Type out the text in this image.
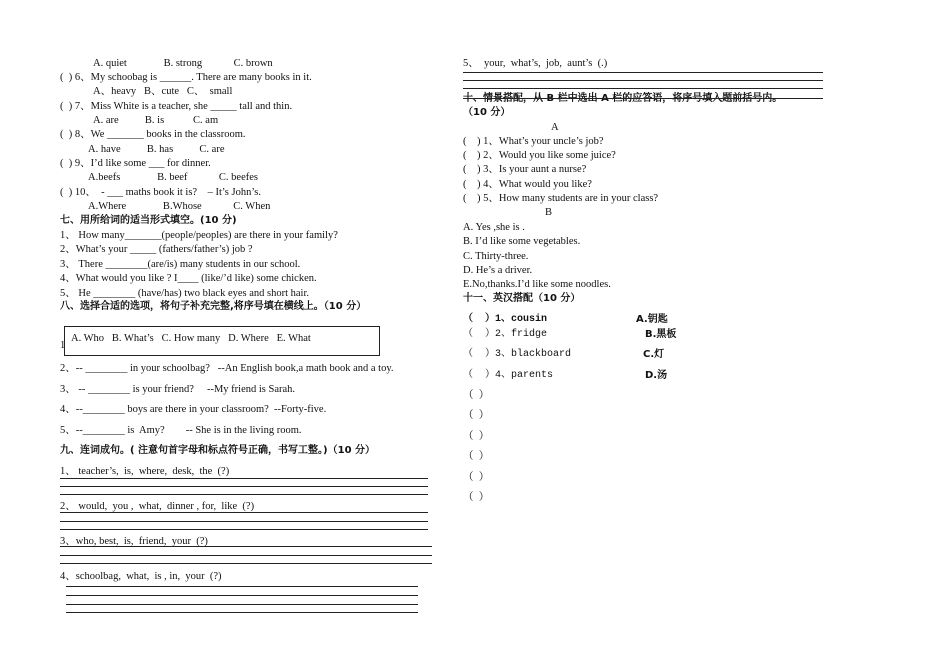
A. quiet              B. strong            C. brown
(  ) 6、My schoobag is ______. There are many books in it.
A、heavy   B、cute   C、  small
(  ) 7、Miss White is a teacher, she _____ tall and thin.
A. are          B. is           C. am
(  ) 8、We _______ books in the classroom.
A. have          B. has          C. are
(  ) 9、I’d like some ___ for dinner.
A.beefs              B. beef            C. beefes
(  ) 10、  - ___ maths book it is?    – It’s John’s.
A.Where              B.Whose            C. When
七、用所给词的适当形式填空。(10 分)
1、 How many_______(people/peoples) are there in your family?
2、What’s your _____ (fathers/father’s) job ?
3、 There ________(are/is) many students in our school.
4、What would you like ? I____ (like/’d like) some chicken.
5、 He ________ (have/has) two black eyes and short hair.
八、选择合适的选项，将句子补充完整,将序号填在横线上。（10 分）
1
A. Who   B. What’s   C. How many   D. Where   E. What
2、-- ________ in your schoolbag?   --An English book,a math book and a toy.
3、 -- ________ is your friend?     --My friend is Sarah.
4、--________ boys are there in your classroom?  --Forty-five.
5、--________ is  Amy?        -- She is in the living room.
九、连词成句。( 注意句首字母和标点符号正确，书写工整。)（10 分）
1、 teacher’s,  is,  where,  desk,  the  (?)
2、 would,  you ,  what,  dinner , for,  like  (?)
3、who, best,  is,  friend,  your  (?)
4、schoolbag,  what,  is , in,  your  (?)
5、  your,  what’s,  job,  aunt’s  (.)
十、情景搭配，从 B 栏中选出 A 栏的应答语，将序号填入题前括号内。
（10 分）
A
(    ) 1、What’s your uncle’s job?
(    ) 2、Would you like some juice?
(    ) 3、Is your aunt a nurse?
(    ) 4、What would you like?
(    ) 5、How many students are in your class?
B
A. Yes ,she is .
B. I’d like some vegetables.
C. Thirty-three.
D. He’s a driver.
E.No,thanks.I’d like some noodles.
十一、英汉搭配（10 分）
（  ）1、cousin	A.钥匙
（  ）2、fridge	B.黑板
（  ）3、blackboard	C.灯
（  ）4、parents	D.汤
（  ）
（  ）
（  ）
（  ）
（  ）
（  ）
